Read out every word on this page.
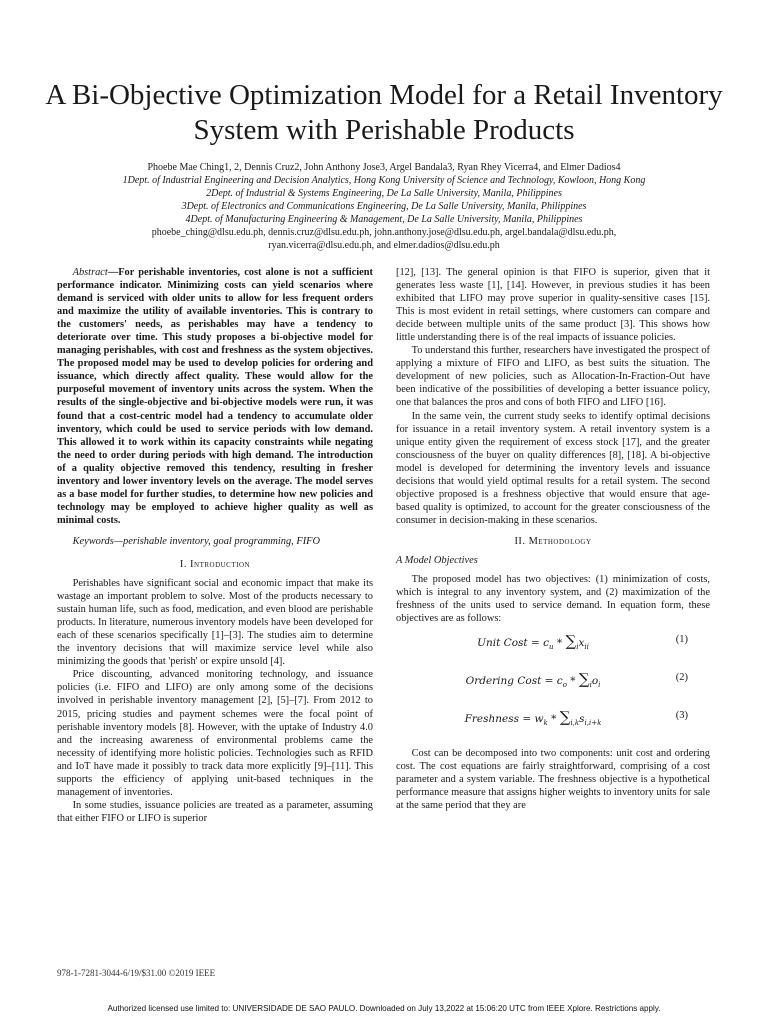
A Bi-Objective Optimization Model for a Retail Inventory System with Perishable Products
Phoebe Mae Ching1, 2, Dennis Cruz2, John Anthony Jose3, Argel Bandala3, Ryan Rhey Vicerra4, and Elmer Dadios4
1Dept. of Industrial Engineering and Decision Analytics, Hong Kong University of Science and Technology, Kowloon, Hong Kong
2Dept. of Industrial & Systems Engineering, De La Salle University, Manila, Philippines
3Dept. of Electronics and Communications Engineering, De La Salle University, Manila, Philippines
4Dept. of Manufacturing Engineering & Management, De La Salle University, Manila, Philippines
phoebe_ching@dlsu.edu.ph, dennis.cruz@dlsu.edu.ph, john.anthony.jose@dlsu.edu.ph, argel.bandala@dlsu.edu.ph,
ryan.vicerra@dlsu.edu.ph, and elmer.dadios@dlsu.edu.ph

Abstract—For perishable inventories, cost alone is not a sufficient performance indicator. Minimizing costs can yield scenarios where demand is serviced with older units to allow for less frequent orders and maximize the utility of available inventories. This is contrary to the customers' needs, as perishables may have a tendency to deteriorate over time. This study proposes a bi-objective model for managing perishables, with cost and freshness as the system objectives. The proposed model may be used to develop policies for ordering and issuance, which directly affect quality. These would allow for the purposeful movement of inventory units across the system. When the results of the single-objective and bi-objective models were run, it was found that a cost-centric model had a tendency to accumulate older inventory, which could be used to service periods with low demand. This allowed it to work within its capacity constraints while negating the need to order during periods with high demand. The introduction of a quality objective removed this tendency, resulting in fresher inventory and lower inventory levels on the average. The model serves as a base model for further studies, to determine how new policies and technology may be employed to achieve higher quality as well as minimal costs.

Keywords—perishable inventory, goal programming, FIFO

I. Introduction

Perishables have significant social and economic impact that make its wastage an important problem to solve. Most of the products necessary to sustain human life, such as food, medication, and even blood are perishable products. In literature, numerous inventory models have been developed for each of these scenarios specifically [1]–[3]. The studies aim to determine the inventory decisions that will maximize service level while also minimizing the goods that 'perish' or expire unsold [4].

Price discounting, advanced monitoring technology, and issuance policies (i.e. FIFO and LIFO) are only among some of the decisions involved in perishable inventory management [2], [5]–[7]. From 2012 to 2015, pricing studies and payment schemes were the focal point of perishable inventory models [8]. However, with the uptake of Industry 4.0 and the increasing awareness of environmental problems came the necessity of identifying more holistic policies. Technologies such as RFID and IoT have made it possibly to track data more explicitly [9]–[11]. This supports the efficiency of applying unit-based techniques in the management of inventories.

In some studies, issuance policies are treated as a parameter, assuming that either FIFO or LIFO is superior

[12], [13]. The general opinion is that FIFO is superior, given that it generates less waste [1], [14]. However, in previous studies it has been exhibited that LIFO may prove superior in quality-sensitive cases [15]. This is most evident in retail settings, where customers can compare and decide between multiple units of the same product [3]. This shows how little understanding there is of the real impacts of issuance policies.

To understand this further, researchers have investigated the prospect of applying a mixture of FIFO and LIFO, as best suits the situation. The development of new policies, such as Allocation-In-Fraction-Out have been indicative of the possibilities of developing a better issuance policy, one that balances the pros and cons of both FIFO and LIFO [16].

In the same vein, the current study seeks to identify optimal decisions for issuance in a retail inventory system. A retail inventory system is a unique entity given the requirement of excess stock [17], and the greater consciousness of the buyer on quality differences [8], [18]. A bi-objective model is developed for determining the inventory levels and issuance decisions that would yield optimal results for a retail system. The second objective proposed is a freshness objective that would ensure that age-based quality is optimized, to account for the greater consciousness of the consumer in decision-making in these scenarios.

II. Methodology
A Model Objectives

The proposed model has two objectives: (1) minimization of costs, which is integral to any inventory system, and (2) maximization of the freshness of the units used to service demand. In equation form, these objectives are as follows:

Unit Cost = $c_u * \sum_ix_{ii}$
(1)
Ordering Cost = $c_o * \sum_io_i$
(2)
Freshness = $w_k * \sum_{i,k}s_{i,i+k}$
(3)

Cost can be decomposed into two components: unit cost and ordering cost. The cost equations are fairly straightforward, comprising of a cost parameter and a system variable. The freshness objective is a hypothetical performance measure that assigns higher weights to inventory units for sale at the same period that they are

978-1-7281-3044-6/19/$31.00 ©2019 IEEE
Authorized licensed use limited to: UNIVERSIDADE DE SAO PAULO. Downloaded on July 13,2022 at 15:06:20 UTC from IEEE Xplore. Restrictions apply.
